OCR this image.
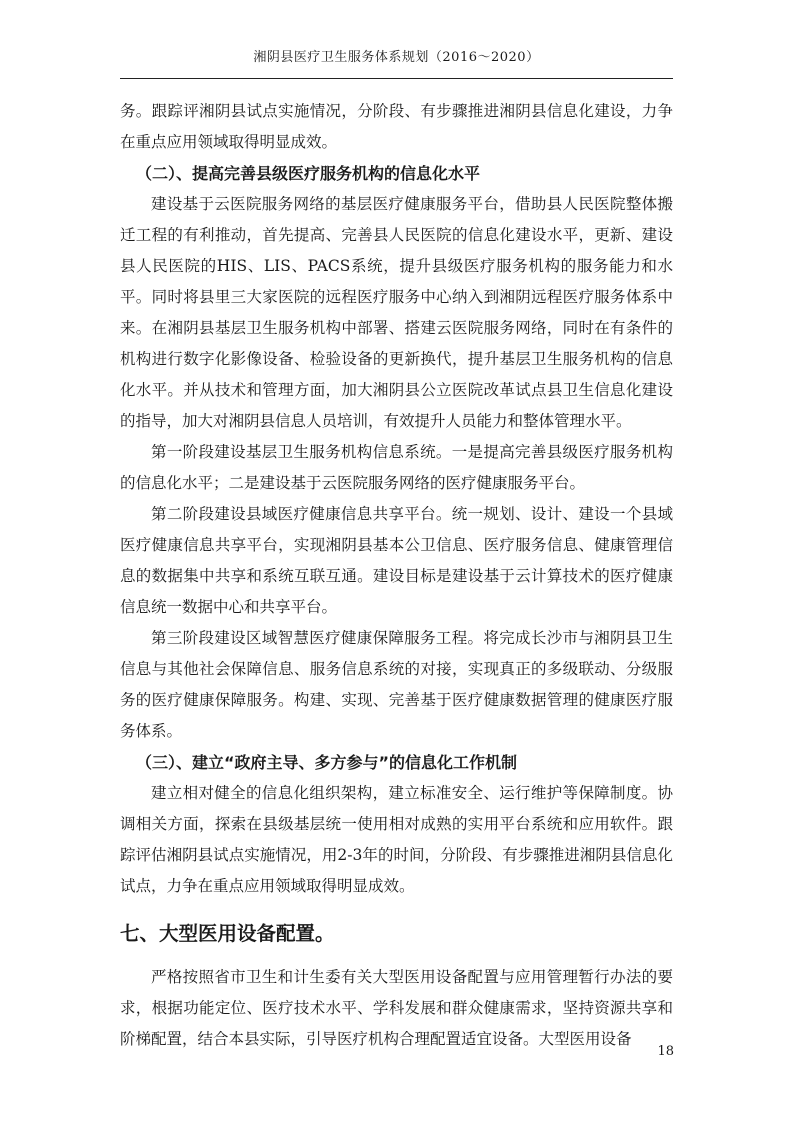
湘阴县医疗卫生服务体系规划（2016～2020）

务。跟踪评湘阴县试点实施情况，分阶段、有步骤推进湘阴县信息化建设，力争在重点应用领域取得明显成效。

（二）、提高完善县级医疗服务机构的信息化水平

建设基于云医院服务网络的基层医疗健康服务平台，借助县人民医院整体搬迁工程的有利推动，首先提高、完善县人民医院的信息化建设水平，更新、建设县人民医院的HIS、LIS、PACS系统，提升县级医疗服务机构的服务能力和水平。同时将县里三大家医院的远程医疗服务中心纳入到湘阴远程医疗服务体系中来。在湘阴县基层卫生服务机构中部署、搭建云医院服务网络，同时在有条件的机构进行数字化影像设备、检验设备的更新换代，提升基层卫生服务机构的信息化水平。并从技术和管理方面，加大湘阴县公立医院改革试点县卫生信息化建设的指导，加大对湘阴县信息人员培训，有效提升人员能力和整体管理水平。

第一阶段建设基层卫生服务机构信息系统。一是提高完善县级医疗服务机构的信息化水平；二是建设基于云医院服务网络的医疗健康服务平台。

第二阶段建设县域医疗健康信息共享平台。统一规划、设计、建设一个县域医疗健康信息共享平台，实现湘阴县基本公卫信息、医疗服务信息、健康管理信息的数据集中共享和系统互联互通。建设目标是建设基于云计算技术的医疗健康信息统一数据中心和共享平台。

第三阶段建设区域智慧医疗健康保障服务工程。将完成长沙市与湘阴县卫生信息与其他社会保障信息、服务信息系统的对接，实现真正的多级联动、分级服务的医疗健康保障服务。构建、实现、完善基于医疗健康数据管理的健康医疗服务体系。

（三）、建立“政府主导、多方参与”的信息化工作机制

建立相对健全的信息化组织架构，建立标准安全、运行维护等保障制度。协调相关方面，探索在县级基层统一使用相对成熟的实用平台系统和应用软件。跟踪评估湘阴县试点实施情况，用2-3年的时间，分阶段、有步骤推进湘阴县信息化试点，力争在重点应用领域取得明显成效。

七、大型医用设备配置。

严格按照省市卫生和计生委有关大型医用设备配置与应用管理暂行办法的要求，根据功能定位、医疗技术水平、学科发展和群众健康需求，坚持资源共享和阶梯配置，结合本县实际，引导医疗机构合理配置适宜设备。大型医用设备

18
